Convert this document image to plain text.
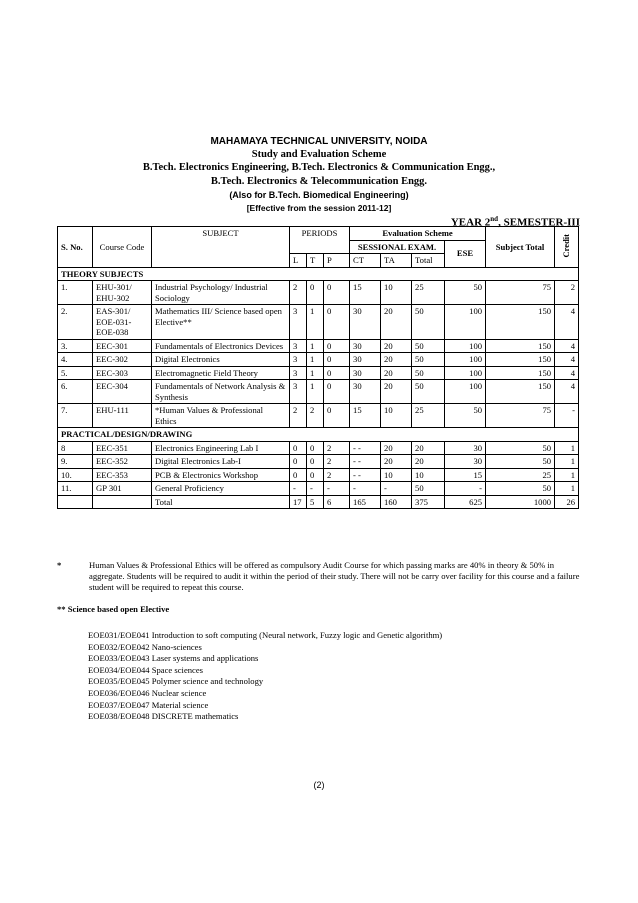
MAHAMAYA TECHNICAL UNIVERSITY, NOIDA
Study and Evaluation Scheme
B.Tech. Electronics Engineering, B.Tech. Electronics & Communication Engg.,
B.Tech. Electronics & Telecommunication Engg.
(Also for B.Tech. Biomedical Engineering)
[Effective from the session 2011-12]
YEAR 2nd, SEMESTER-III
S. No.	Course Code	SUBJECT	PERIODS			Evaluation Scheme				Subject Total	Credit
						SESSIONAL EXAM.			ESE		
			L	T	P	CT	TA	Total			
THEORY SUBJECTS											
1.	EHU-301/ EHU-302	Industrial Psychology/ Industrial Sociology	2	0	0	15	10	25	50	75	2
2.	EAS-301/ EOE-031- EOE-038	Mathematics III/ Science based open Elective**	3	1	0	30	20	50	100	150	4
3.	EEC-301	Fundamentals of Electronics Devices	3	1	0	30	20	50	100	150	4
4.	EEC-302	Digital Electronics	3	1	0	30	20	50	100	150	4
5.	EEC-303	Electromagnetic Field Theory	3	1	0	30	20	50	100	150	4
6.	EEC-304	Fundamentals of Network Analysis & Synthesis	3	1	0	30	20	50	100	150	4
7.	EHU-111	*Human Values & Professional Ethics	2	2	0	15	10	25	50	75	-
PRACTICAL/DESIGN/DRAWING											
8	EEC-351	Electronics Engineering Lab I	0	0	2	- -	20	20	30	50	1
9.	EEC-352	Digital Electronics Lab-I	0	0	2	- -	20	20	30	50	1
10.	EEC-353	PCB & Electronics Workshop	0	0	2	- -	10	10	15	25	1
11.	GP 301	General Proficiency	-	-	-	-	-	50	-	50	1
		Total	17	5	6	165	160	375	625	1000	26
*	Human Values & Professional Ethics will be offered as compulsory Audit Course for which passing marks are 40% in theory & 50% in aggregate. Students will be required to audit it within the period of their study. There will not be carry over facility for this course and a failure student will be required to repeat this course.
** Science based open Elective
EOE031/EOE041 Introduction to soft computing (Neural network, Fuzzy logic and Genetic algorithm)
EOE032/EOE042 Nano-sciences
EOE033/EOE043 Laser systems and applications
EOE034/EOE044 Space sciences
EOE035/EOE045 Polymer science and technology
EOE036/EOE046 Nuclear science
EOE037/EOE047 Material science
EOE038/EOE048 DISCRETE mathematics
(2)
